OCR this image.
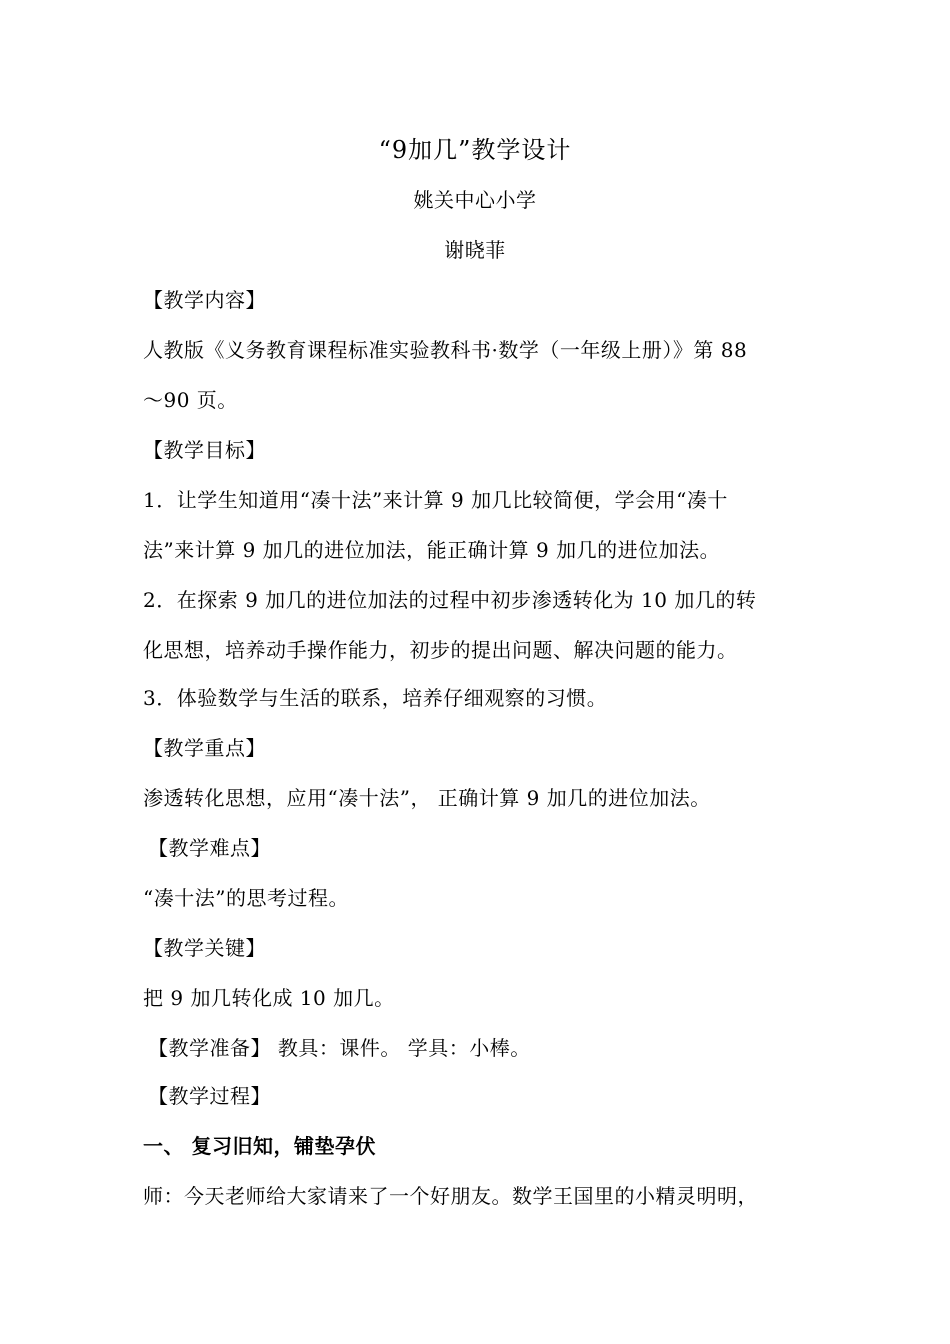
“9加几”教学设计
姚关中心小学
谢晓菲
【教学内容】
人教版《义务教育课程标准实验教科书·数学（一年级上册）》第 88
～90 页。
【教学目标】
1．让学生知道用“凑十法”来计算 9 加几比较简便，学会用“凑十
法”来计算 9 加几的进位加法，能正确计算 9 加几的进位加法。
2．在探索 9 加几的进位加法的过程中初步渗透转化为 10 加几的转
化思想，培养动手操作能力，初步的提出问题、解决问题的能力。
3．体验数学与生活的联系，培养仔细观察的习惯。
【教学重点】
渗透转化思想，应用“凑十法”， 正确计算 9 加几的进位加法。
【教学难点】
“凑十法”的思考过程。
【教学关键】
把 9 加几转化成 10 加几。
【教学准备】 教具：课件。 学具：小棒。
【教学过程】
一、 复习旧知，铺垫孕伏
师：今天老师给大家请来了一个好朋友。数学王国里的小精灵明明，
